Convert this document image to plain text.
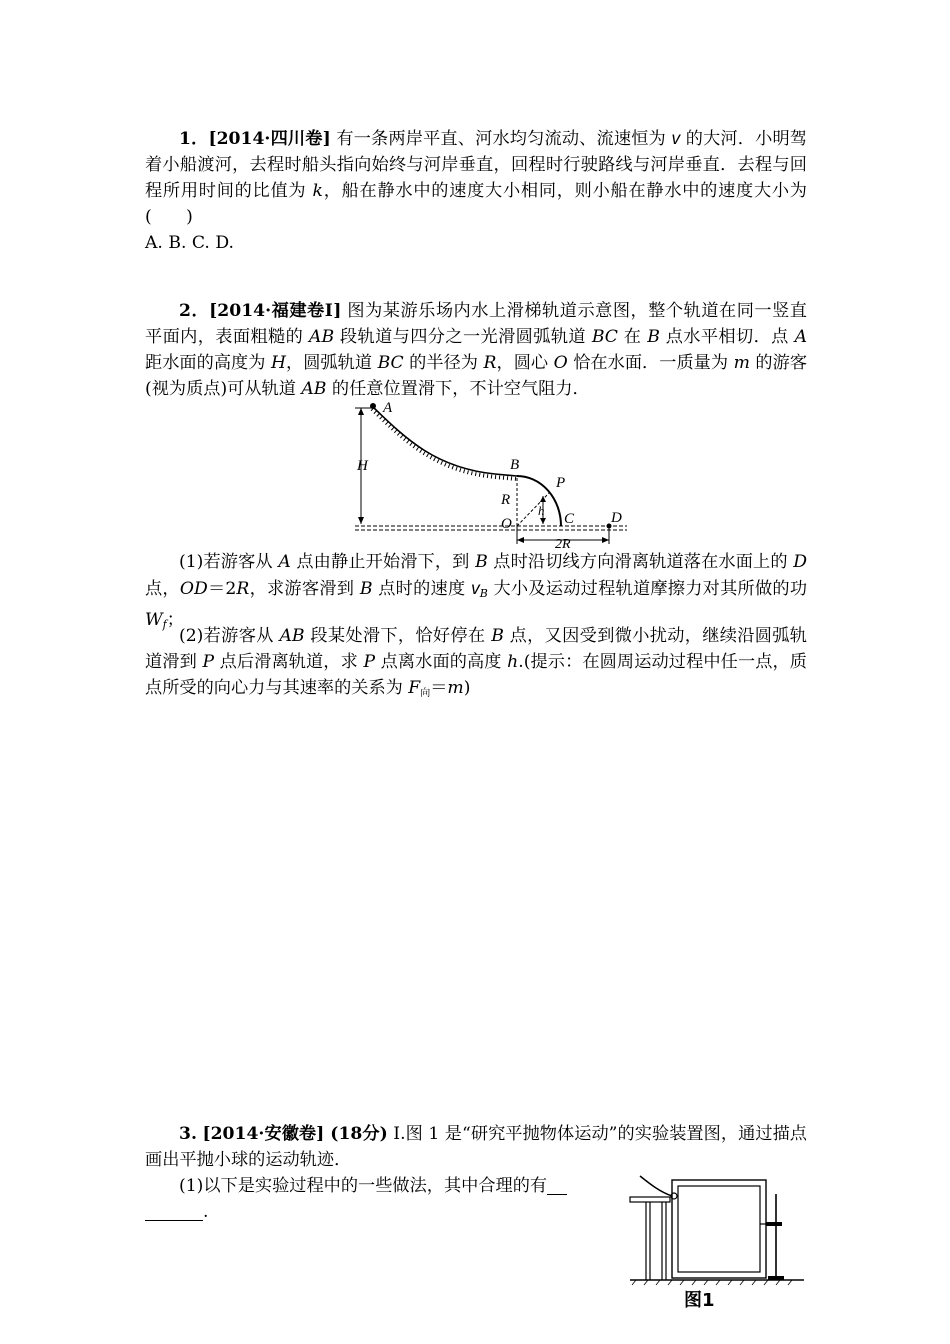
1．[2014·四川卷] 有一条两岸平直、河水均匀流动、流速恒为 v 的大河．小明驾着小船渡河，去程时船头指向始终与河岸垂直，回程时行驶路线与河岸垂直．去程与回程所用时间的比值为 k，船在静水中的速度大小相同，则小船在静水中的速度大小为(　　)
A. B. C. D.

2．[2014·福建卷Ⅰ] 图为某游乐场内水上滑梯轨道示意图，整个轨道在同一竖直平面内，表面粗糙的 AB 段轨道与四分之一光滑圆弧轨道 BC 在 B 点水平相切．点 A 距水面的高度为 H，圆弧轨道 BC 的半径为 R，圆心 O 恰在水面．一质量为 m 的游客(视为质点)可从轨道 AB 的任意位置滑下，不计空气阻力．

A
H	B
R
P
h
O	C D
2R

(1)若游客从 A 点由静止开始滑下，到 B 点时沿切线方向滑离轨道落在水面上的 D 点，OD＝2R，求游客滑到 B 点时的速度 $v_B$ 大小及运动过程轨道摩擦力对其所做的功 $W_f$；

(2)若游客从 AB 段某处滑下，恰好停在 B 点，又因受到微小扰动，继续沿圆弧轨道滑到 P 点后滑离轨道，求 P 点离水面的高度 h.(提示：在圆周运动过程中任一点，质点所受的向心力与其速率的关系为 $F_向=m$)

3. [2014·安徽卷] (18分) Ⅰ.图 1 是“研究平抛物体运动”的实验装置图，通过描点画出平抛小球的运动轨迹．

(1)以下是实验过程中的一些做法，其中合理的有
.

图1
